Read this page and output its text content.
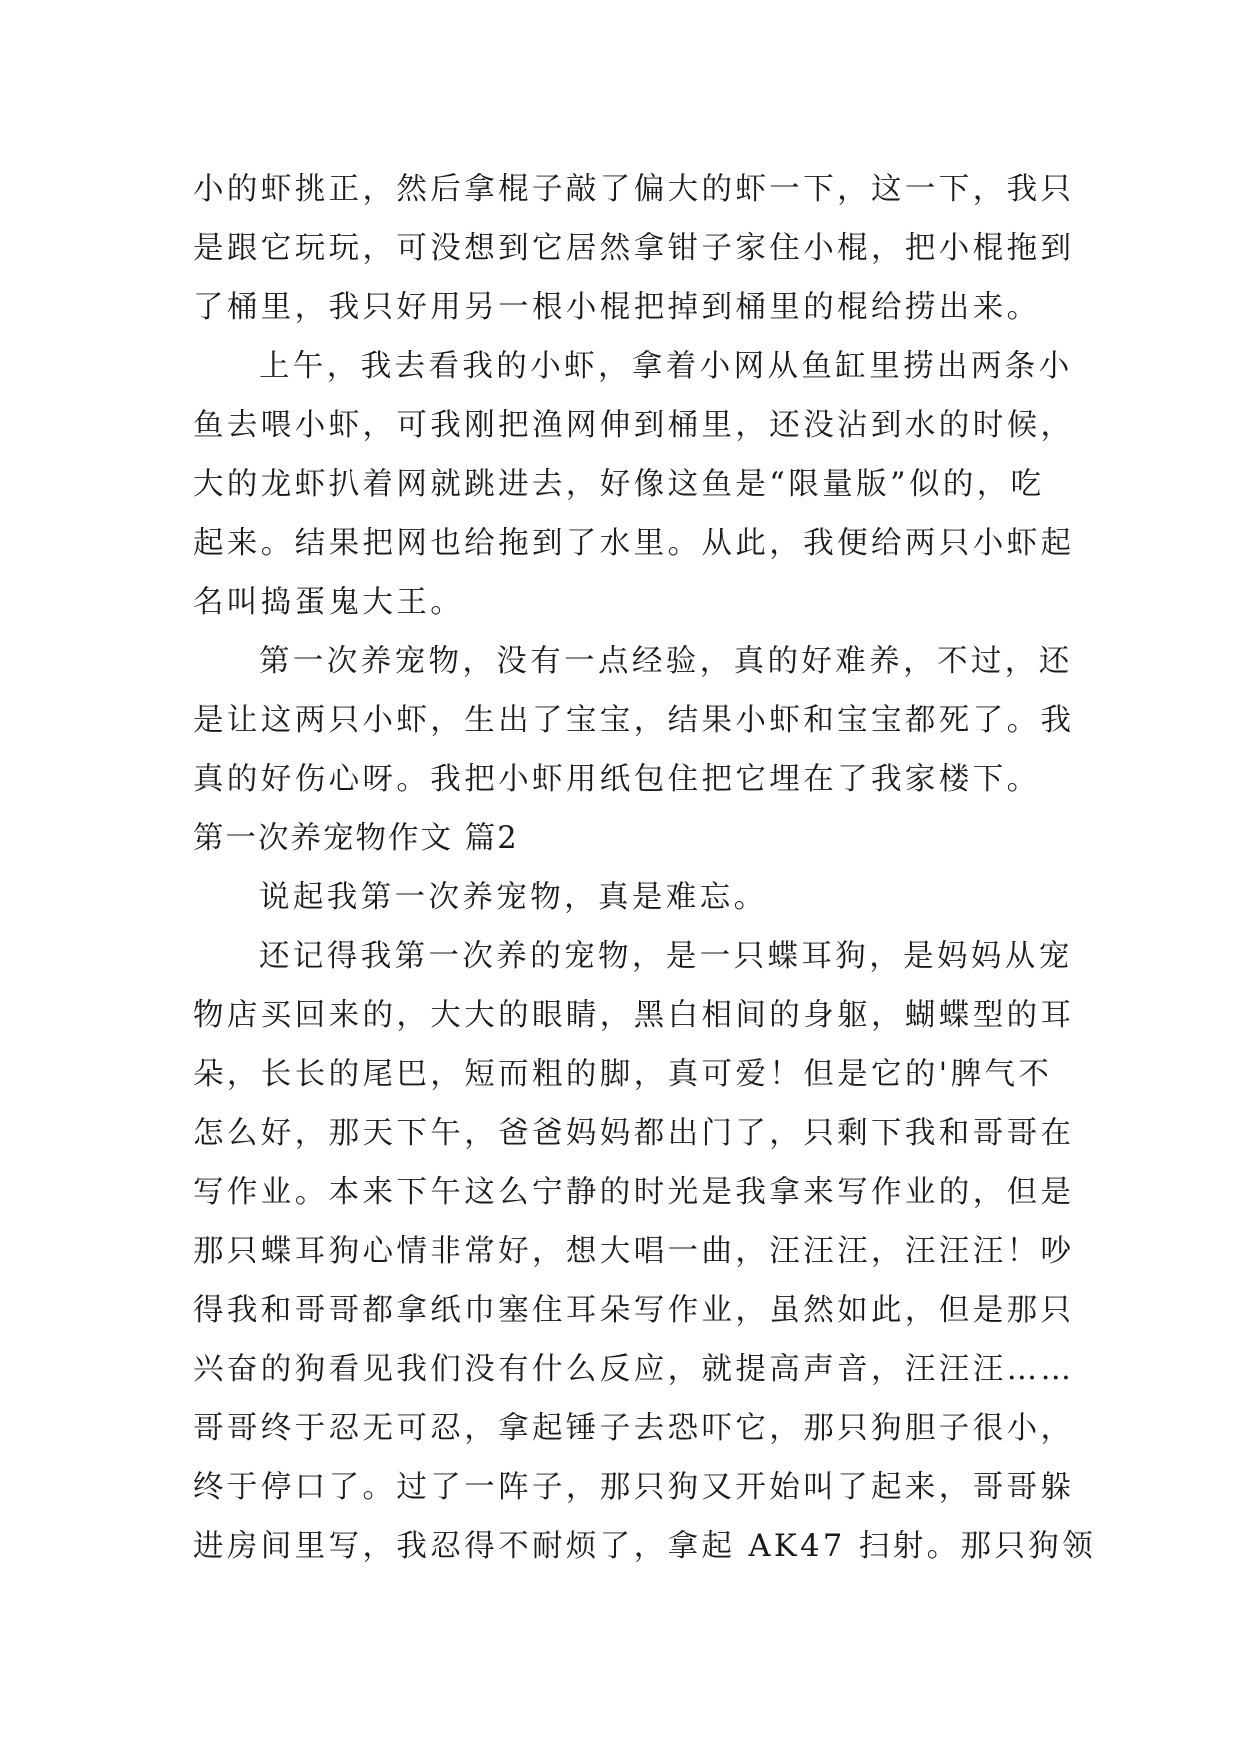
小的虾挑正，然后拿棍子敲了偏大的虾一下，这一下，我只
是跟它玩玩，可没想到它居然拿钳子家住小棍，把小棍拖到
了桶里，我只好用另一根小棍把掉到桶里的棍给捞出来。
上午，我去看我的小虾，拿着小网从鱼缸里捞出两条小
鱼去喂小虾，可我刚把渔网伸到桶里，还没沾到水的时候，
大的龙虾扒着网就跳进去，好像这鱼是“限量版”似的，吃
起来。结果把网也给拖到了水里。从此，我便给两只小虾起
名叫捣蛋鬼大王。
第一次养宠物，没有一点经验，真的好难养，不过，还
是让这两只小虾，生出了宝宝，结果小虾和宝宝都死了。我
真的好伤心呀。我把小虾用纸包住把它埋在了我家楼下。
第一次养宠物作文 篇2
说起我第一次养宠物，真是难忘。
还记得我第一次养的宠物，是一只蝶耳狗，是妈妈从宠
物店买回来的，大大的眼睛，黑白相间的身躯，蝴蝶型的耳
朵，长长的尾巴，短而粗的脚，真可爱！但是它的'脾气不
怎么好，那天下午，爸爸妈妈都出门了，只剩下我和哥哥在
写作业。本来下午这么宁静的时光是我拿来写作业的，但是
那只蝶耳狗心情非常好，想大唱一曲，汪汪汪，汪汪汪！吵
得我和哥哥都拿纸巾塞住耳朵写作业，虽然如此，但是那只
兴奋的狗看见我们没有什么反应，就提高声音，汪汪汪……
哥哥终于忍无可忍，拿起锤子去恐吓它，那只狗胆子很小，
终于停口了。过了一阵子，那只狗又开始叫了起来，哥哥躲
进房间里写，我忍得不耐烦了，拿起 AK47 扫射。那只狗领
